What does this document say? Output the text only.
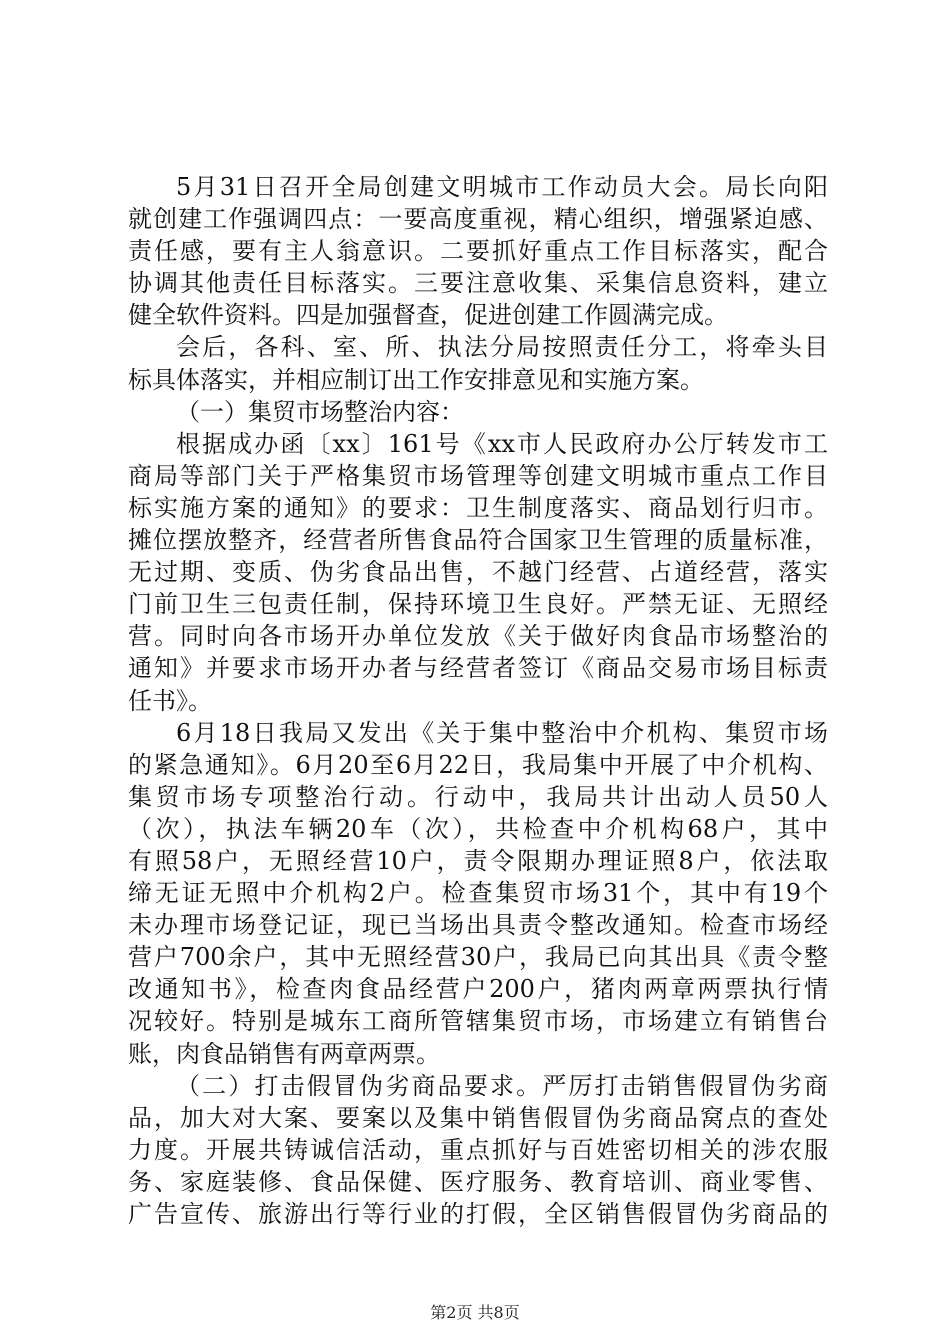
5月31日召开全局创建文明城市工作动员大会。局长向阳
就创建工作强调四点：一要高度重视，精心组织，增强紧迫感、
责任感，要有主人翁意识。二要抓好重点工作目标落实，配合
协调其他责任目标落实。三要注意收集、采集信息资料，建立
健全软件资料。四是加强督查，促进创建工作圆满完成。
会后，各科、室、所、执法分局按照责任分工，将牵头目
标具体落实，并相应制订出工作安排意见和实施方案。
（一）集贸市场整治内容：
根据成办函〔xx〕161号《xx市人民政府办公厅转发市工
商局等部门关于严格集贸市场管理等创建文明城市重点工作目
标实施方案的通知》的要求：卫生制度落实、商品划行归市。
摊位摆放整齐，经营者所售食品符合国家卫生管理的质量标准，
无过期、变质、伪劣食品出售，不越门经营、占道经营，落实
门前卫生三包责任制，保持环境卫生良好。严禁无证、无照经
营。同时向各市场开办单位发放《关于做好肉食品市场整治的
通知》并要求市场开办者与经营者签订《商品交易市场目标责
任书》。
6月18日我局又发出《关于集中整治中介机构、集贸市场
的紧急通知》。6月20至6月22日，我局集中开展了中介机构、
集贸市场专项整治行动。行动中，我局共计出动人员50人
（次），执法车辆20车（次），共检查中介机构68户，其中
有照58户，无照经营10户，责令限期办理证照8户，依法取
缔无证无照中介机构2户。检查集贸市场31个，其中有19个
未办理市场登记证，现已当场出具责令整改通知。检查市场经
营户700余户，其中无照经营30户，我局已向其出具《责令整
改通知书》，检查肉食品经营户200户，猪肉两章两票执行情
况较好。特别是城东工商所管辖集贸市场，市场建立有销售台
账，肉食品销售有两章两票。
（二）打击假冒伪劣商品要求。严厉打击销售假冒伪劣商
品，加大对大案、要案以及集中销售假冒伪劣商品窝点的查处
力度。开展共铸诚信活动，重点抓好与百姓密切相关的涉农服
务、家庭装修、食品保健、医疗服务、教育培训、商业零售、
广告宣传、旅游出行等行业的打假，全区销售假冒伪劣商品的
第2页 共8页
